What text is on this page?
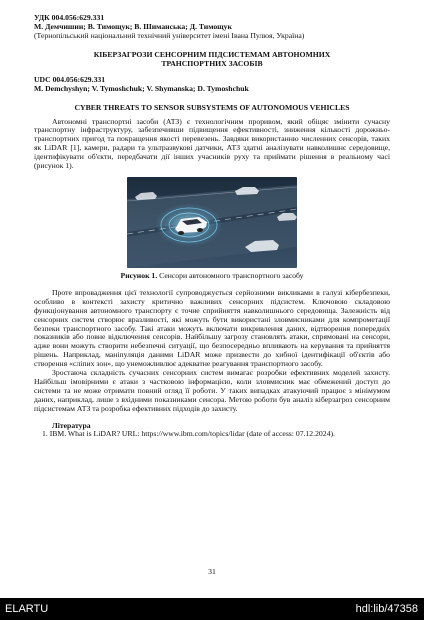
УДК 004.056:629.331
М. Демчишин; В. Тимощук; В. Шиманська; Д. Тимощук
(Тернопільський національний технічний університет імені Івана Пулюя, Україна)
КІБЕРЗАГРОЗИ СЕНСОРНИМ ПІДСИСТЕМАМ АВТОНОМНИХ
ТРАНСПОРТНИХ ЗАСОБІВ
UDC 004.056:629.331
M. Demchyshyn; V. Tymoshchuk; V. Shymanska; D. Tymoshchuk
CYBER THREATS TO SENSOR SUBSYSTEMS OF AUTONOMOUS VEHICLES

Автономні транспортні засоби (АТЗ) є технологічним проривом, який обіцяє змінити сучасну транспортну інфраструктуру, забезпечивши підвищення ефективності, зниження кількості дорожньо-транспортних пригод та покращення якості перевезень. Завдяки використанню численних сенсорів, таких як LiDAR [1], камери, радари та ультразвукові датчики, АТЗ здатні аналізувати навколишнє середовище, ідентифікувати об'єкти, передбачати дії інших учасників руху та приймати рішення в реальному часі (рисунок 1).

Рисунок 1. Сенсори автономного транспортного засобу

Проте впровадження цієї технології супроводжується серйозними викликами в галузі кібербезпеки, особливо в контексті захисту критично важливих сенсорних підсистем. Ключовою складовою функціонування автономного транспорту є точне сприйняття навколишнього середовища. Залежність від сенсорних систем створює вразливості, які можуть бути використані зловмисниками для компрометації безпеки транспортного засобу. Такі атаки можуть включати викривлення даних, відтворення попередніх показників або повне відключення сенсорів. Найбільшу загрозу становлять атаки, спрямовані на сенсори, адже вони можуть створити небезпечні ситуації, що безпосередньо впливають на керування та прийняття рішень. Наприклад, маніпуляція даними LiDAR може призвести до хибної ідентифікації об'єктів або створення «сліпих зон», що унеможливлює адекватне реагування транспортного засобу.

Зростаюча складність сучасних сенсорних систем вимагає розробки ефективних моделей захисту. Найбільш імовірними є атаки з частковою інформацією, коли зловмисник має обмежений доступ до системи та не може отримати повний огляд її роботи. У таких випадках атакуючий працює з мінімумом даних, наприклад, лише з вхідними показниками сенсора. Метою роботи був аналіз кіберзагроз сенсорним підсистемам АТЗ та розробка ефективних підходів до захисту.

Література
1. IBM. What is LiDAR? URL: https://www.ibm.com/topics/lidar (date of access: 07.12.2024).
31
ELARTU	hdl:lib/47358
